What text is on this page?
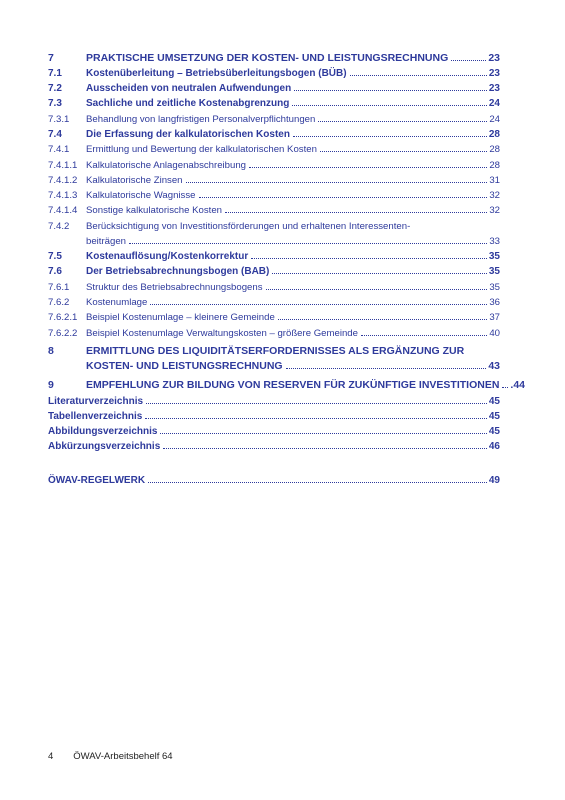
7	PRAKTISCHE UMSETZUNG DER KOSTEN- UND LEISTUNGSRECHNUNG	23
7.1	Kostenüberleitung – Betriebsüberleitungsbogen (BÜB)	23
7.2	Ausscheiden von neutralen Aufwendungen	23
7.3	Sachliche und zeitliche Kostenabgrenzung	24
7.3.1	Behandlung von langfristigen Personalverpflichtungen	24
7.4	Die Erfassung der kalkulatorischen Kosten	28
7.4.1	Ermittlung und Bewertung der kalkulatorischen Kosten	28
7.4.1.1 Kalkulatorische Anlagenabschreibung	28
7.4.1.2 Kalkulatorische Zinsen	31
7.4.1.3 Kalkulatorische Wagnisse	32
7.4.1.4 Sonstige kalkulatorische Kosten	32
7.4.2	Berücksichtigung von Investitionsförderungen und erhaltenen Interessenten-
beiträgen	33
7.5	Kostenauflösung/Kostenkorrektur	35
7.6	Der Betriebsabrechnungsbogen (BAB)	35
7.6.1	Struktur des Betriebsabrechnungsbogens	35
7.6.2	Kostenumlage	36
7.6.2.1 Beispiel Kostenumlage – kleinere Gemeinde	37
7.6.2.2 Beispiel Kostenumlage Verwaltungskosten – größere Gemeinde	40
8	ERMITTLUNG DES LIQUIDITÄTSERFORDERNISSES ALS ERGÄNZUNG ZUR
KOSTEN- UND LEISTUNGSRECHNUNG	43
9	EMPFEHLUNG ZUR BILDUNG VON RESERVEN FÜR ZUKÜNFTIGE INVESTITIONEN .44
Literaturverzeichnis	45
Tabellenverzeichnis	45
Abbildungsverzeichnis	45
Abkürzungsverzeichnis	46
ÖWAV-REGELWERK	49
4 ÖWAV-Arbeitsbehelf 64
